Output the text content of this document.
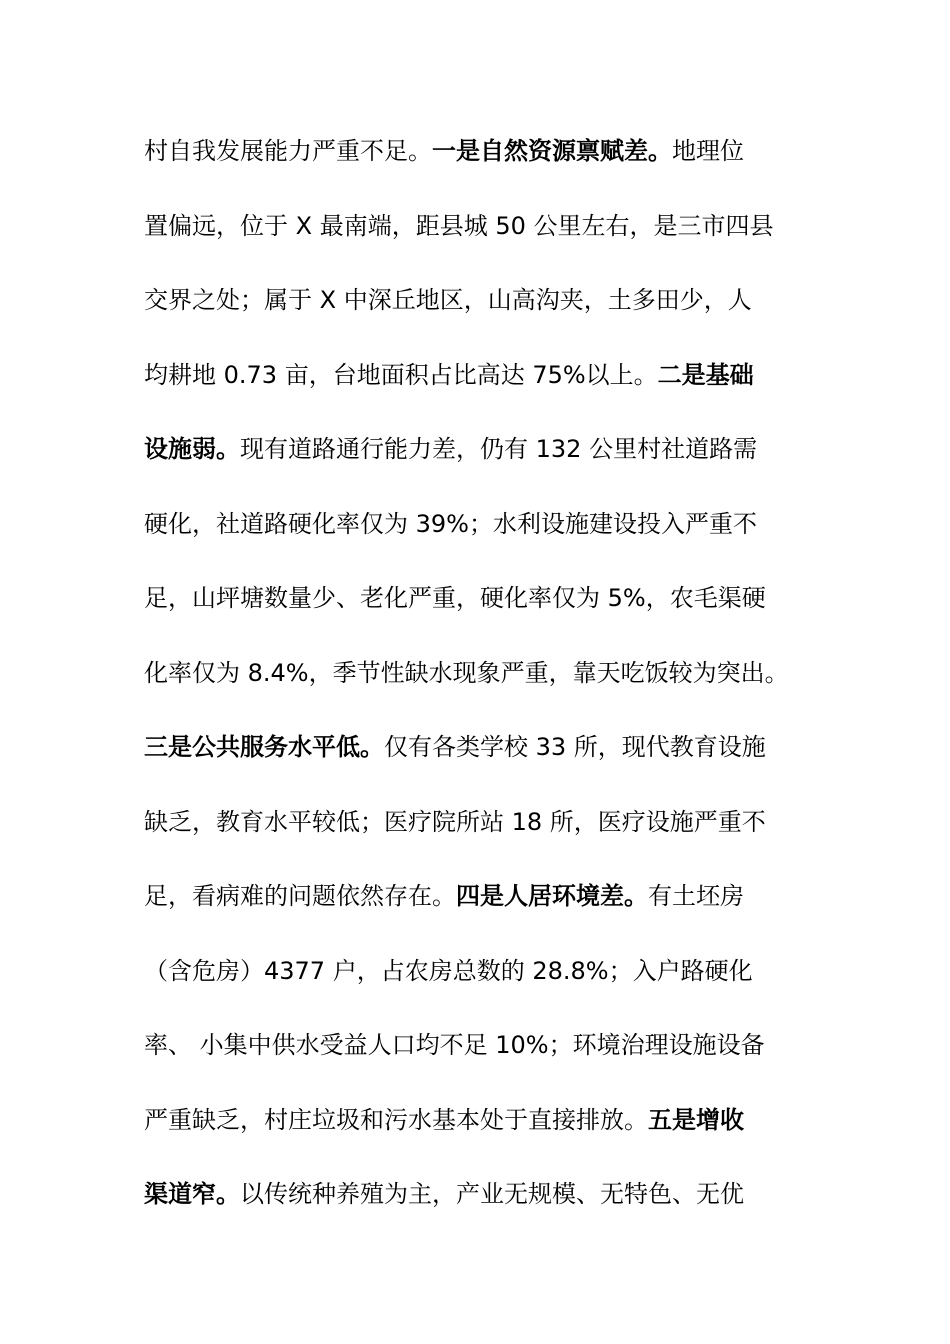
村自我发展能力严重不足。一是自然资源禀赋差。地理位
置偏远，位于 X 最南端，距县城 50 公里左右，是三市四县
交界之处；属于 X 中深丘地区，山高沟夹，土多田少，人
均耕地 0.73 亩，台地面积占比高达 75%以上。二是基础
设施弱。现有道路通行能力差，仍有 132 公里村社道路需
硬化，社道路硬化率仅为 39%；水利设施建设投入严重不
足，山坪塘数量少、老化严重，硬化率仅为 5%，农毛渠硬
化率仅为 8.4%，季节性缺水现象严重，靠天吃饭较为突出。
三是公共服务水平低。仅有各类学校 33 所，现代教育设施
缺乏，教育水平较低；医疗院所站 18 所，医疗设施严重不
足，看病难的问题依然存在。四是人居环境差。有土坯房
（含危房）4377 户，占农房总数的 28.8%；入户路硬化
率、 小集中供水受益人口均不足 10%；环境治理设施设备
严重缺乏，村庄垃圾和污水基本处于直接排放。五是增收
渠道窄。以传统种养殖为主，产业无规模、无特色、无优
